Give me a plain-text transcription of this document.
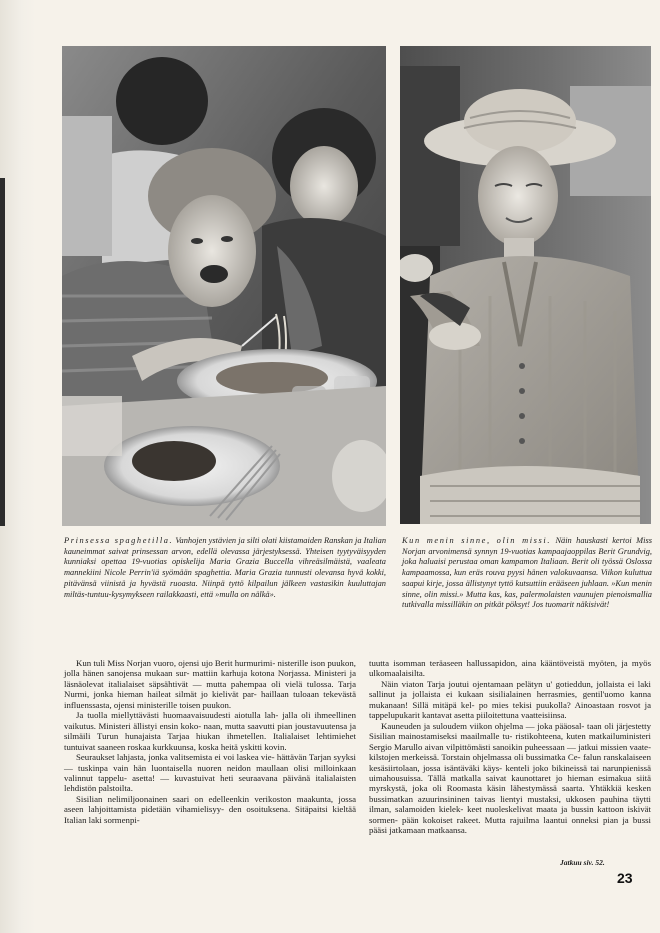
Prinsessa spaghetilla. Vanhojen ystävien ja silti olati kiistamaiden Ranskan ja Italian kauneimmat saivat prinsessan arvon, edellä olevassa järjestyksessä. Yhteisen tyytyväisyyden kunniaksi opettaa 19-vuotias opiskelija Maria Grazia Buccella vihreäsilmäistä, vaaleata mannekiini Nicole Perrin'iä syömään spaghettia. Maria Grazia tunnusti olevansa hyvä kokki, pitävänsä viinistä ja hyvästä ruoasta. Niinpä tyttö kilpailun jälkeen vastasikin kuuluttajan miltäs-tuntuu-kysymykseen railakkaasti, että »mulla on nälkä».

Kun menin sinne, olin missi. Näin hauskasti kertoi Miss Norjan arvonimensä synnyn 19-vuotias kampaajaoppilas Berit Grundvig, joka haluaisi perustaa oman kampamon Italiaan. Berit oli työssä Oslossa kampaamossa, kun eräs rouva pyysi hänen valokuvaansa. Viikon kuluttua saapui kirje, jossa ällistynyt tyttö kutsuttiin erääseen juhlaan. »Kun menin sinne, olin missi.» Mutta kas, kas, palermolaisten vaunujen pienoismallia tutkivalla missilläkin on pitkät pöksyt! Jos tuomarit näkisivät!

Kun tuli Miss Norjan vuoro, ojensi ujo Berit hurmurimi- nisterille ison puukon, jolla hänen sanojensa mukaan sur- mattiin karhuja kotona Norjassa. Ministeri ja läsnäolevat italialaiset säpsähtivät — mutta pahempaa oli vielä tulossa. Tarja Nurmi, jonka hieman haileat silmät jo kielivät par- haillaan tuloaan tekevästä influenssasta, ojensi ministerille toisen puukon.

Ja tuolla miellyttävästi huomaavaisuudesti aiotulla lah- jalla oli ihmeellinen vaikutus. Ministeri ällistyi ensin koko- naan, mutta saavutti pian joustavuutensa ja silmäili Turun hunajaista Tarjaa hiukan ihmetellen. Italialaiset lehtimiehet tuntuivat saaneen roskaa kurkkuunsa, koska heitä yskitti kovin.

Seuraukset lahjasta, jonka valitsemista ei voi laskea vie- hättävän Tarjan syyksi — tuskinpa vain hän luontaisella nuoren neidon maullaan olisi milloinkaan valinnut tappelu- asetta! — kuvastuivat heti seuraavana päivänä italialaisten lehdistön palstoilta.

Sisilian nelimiljoonainen saari on edelleenkin verikoston maakunta, jossa aseen lahjoittamista pidetään vihamielisyy- den osoituksena. Sitäpaitsi kieltää Italian laki sormenpi-

tuutta isomman teräaseen hallussapidon, aina kääntöveistä myöten, ja myös ulkomaalaisilta.

Näin viaton Tarja joutui ojentamaan pelätyn u' gotieddun, jollaista ei laki sallinut ja jollaista ei kukaan sisilialainen herrasmies, gentil'uomo kanna mukanaan! Sillä mitäpä kel- po mies tekisi puukolla? Ainoastaan rosvot ja tappelupukarit kantavat asetta piiloitettuna vaatteisiinsa.

Kauneuden ja suloudem viikon ohjelma — joka pääosal- taan oli järjestetty Sisilian mainostamiseksi maailmalle tu- ristikohteena, kuten matkailuministeri Sergio Marullo aivan vilpittömästi sanoikin puheessaan — jatkui missien vaate- kilstojen merkeissä. Torstain ohjelmassa oli bussimatka Ce- falun ranskalaiseen kesäsiirtolaan, jossa isäntäväki käys- kenteli joko bikineissä tai narunpienissä uimahousuissa. Tällä matkalla saivat kaunottaret jo hieman esimakua siitä myrskystä, joka oli Roomasta käsin lähestymässä saarta. Yhtäkkiä kesken bussimatkan azuurinsininen taivas lientyi mustaksi, ukkosen pauhina täytti ilman, salamoiden kielek- keet nuoleskelivat maata ja bussin kattoon iskivät sormen- pään kokoiset rakeet. Mutta rajuilma laantui onneksi pian ja bussi pääsi jatkamaan matkaansa.

Jatkuu siv. 52.
23
